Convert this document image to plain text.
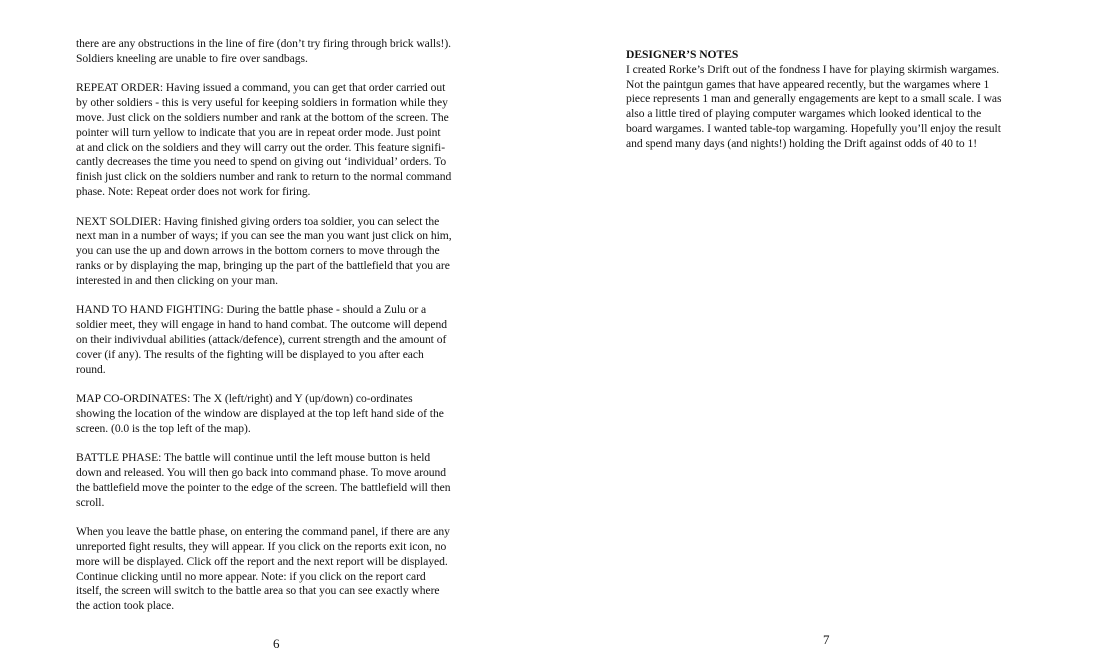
there are any obstructions in the line of fire (don’t try firing through brick walls!).
Soldiers kneeling are unable to fire over sandbags.

REPEAT ORDER: Having issued a command, you can get that order carried out
by other soldiers - this is very useful for keeping soldiers in formation while they
move. Just click on the soldiers number and rank at the bottom of the screen. The
pointer will turn yellow to indicate that you are in repeat order mode. Just point
at and click on the soldiers and they will carry out the order. This feature signifi-
cantly decreases the time you need to spend on giving out ‘individual’ orders. To
finish just click on the soldiers number and rank to return to the normal command
phase. Note: Repeat order does not work for firing.

NEXT SOLDIER: Having finished giving orders toa soldier, you can select the
next man in a number of ways; if you can see the man you want just click on him,
you can use the up and down arrows in the bottom corners to move through the
ranks or by displaying the map, bringing up the part of the battlefield that you are
interested in and then clicking on your man.

HAND TO HAND FIGHTING: During the battle phase - should a Zulu or a
soldier meet, they will engage in hand to hand combat. The outcome will depend
on their indivivdual abilities (attack/defence), current strength and the amount of
cover (if any). The results of the fighting will be displayed to you after each
round.

MAP CO-ORDINATES: The X (left/right) and Y (up/down) co-ordinates
showing the location of the window are displayed at the top left hand side of the
screen. (0.0 is the top left of the map).

BATTLE PHASE: The battle will continue until the left mouse button is held
down and released. You will then go back into command phase. To move around
the battlefield move the pointer to the edge of the screen. The battlefield will then
scroll.

When you leave the battle phase, on entering the command panel, if there are any
unreported fight results, they will appear. If you click on the reports exit icon, no
more will be displayed. Click off the report and the next report will be displayed.
Continue clicking until no more appear. Note: if you click on the report card
itself, the screen will switch to the battle area so that you can see exactly where
the action took place.

6

DESIGNER’S NOTES

I created Rorke’s Drift out of the fondness I have for playing skirmish wargames.
Not the paintgun games that have appeared recently, but the wargames where 1
piece represents 1 man and generally engagements are kept to a small scale. I was
also a little tired of playing computer wargames which looked identical to the
board wargames. I wanted table-top wargaming. Hopefully you’ll enjoy the result
and spend many days (and nights!) holding the Drift against odds of 40 to 1!

7
